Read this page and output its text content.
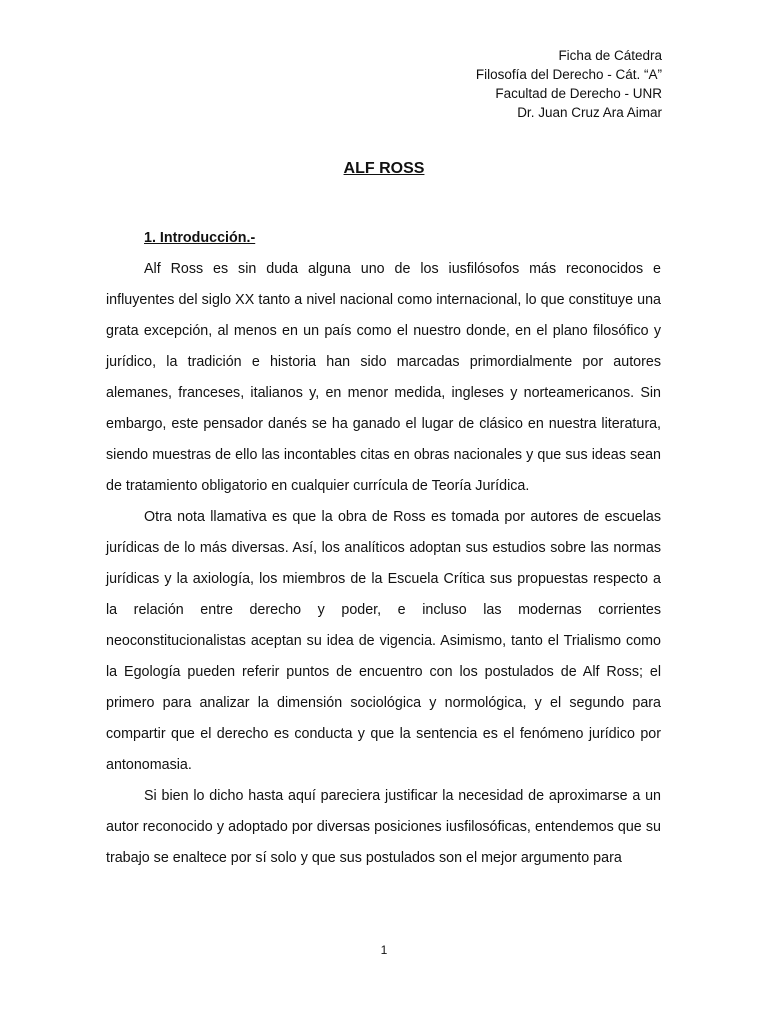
Ficha de Cátedra
Filosofía del Derecho - Cát. “A”
Facultad de Derecho - UNR
Dr. Juan Cruz Ara Aimar
ALF ROSS

1. Introducción.-

Alf Ross es sin duda alguna uno de los iusfilósofos más reconocidos e influyentes del siglo XX tanto a nivel nacional como internacional, lo que constituye una grata excepción, al menos en un país como el nuestro donde, en el plano filosófico y jurídico, la tradición e historia han sido marcadas primordialmente por autores alemanes, franceses, italianos y, en menor medida, ingleses y norteamericanos. Sin embargo, este pensador danés se ha ganado el lugar de clásico en nuestra literatura, siendo muestras de ello las incontables citas en obras nacionales y que sus ideas sean de tratamiento obligatorio en cualquier currícula de Teoría Jurídica.

Otra nota llamativa es que la obra de Ross es tomada por autores de escuelas jurídicas de lo más diversas. Así, los analíticos adoptan sus estudios sobre las normas jurídicas y la axiología, los miembros de la Escuela Crítica sus propuestas respecto a la relación entre derecho y poder, e incluso las modernas corrientes neoconstitucionalistas aceptan su idea de vigencia. Asimismo, tanto el Trialismo como la Egología pueden referir puntos de encuentro con los postulados de Alf Ross; el primero para analizar la dimensión sociológica y normológica, y el segundo para compartir que el derecho es conducta y que la sentencia es el fenómeno jurídico por antonomasia.

Si bien lo dicho hasta aquí pareciera justificar la necesidad de aproximarse a un autor reconocido y adoptado por diversas posiciones iusfilosóficas, entendemos que su trabajo se enaltece por sí solo y que sus postulados son el mejor argumento para

1
